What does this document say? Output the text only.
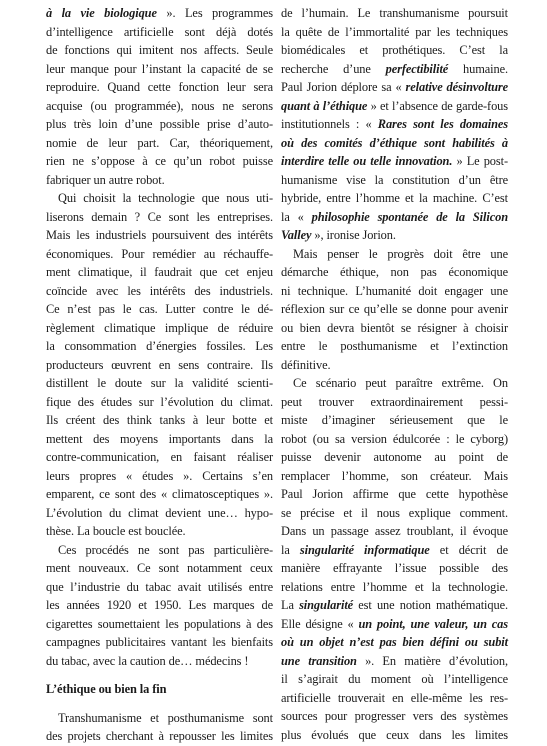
à la vie biologique ». Les programmes
d’intelligence artificielle sont déjà dotés
de fonctions qui imitent nos affects. Seule
leur manque pour l’instant la capacité de se
reproduire. Quand cette fonction leur sera
acquise (ou programmée), nous ne serons
plus très loin d’une possible prise d’auto-
nomie de leur part. Car, théoriquement,
rien ne s’oppose à ce qu’un robot puisse
fabriquer un autre robot.
Qui choisit la technologie que nous uti-
liserons demain ? Ce sont les entreprises.
Mais les industriels poursuivent des intérêts
économiques. Pour remédier au réchauffe-
ment climatique, il faudrait que cet enjeu
coïncide avec les intérêts des industriels.
Ce n’est pas le cas. Lutter contre le dé-
règlement climatique implique de réduire
la consommation d’énergies fossiles. Les
producteurs œuvrent en sens contraire. Ils
distillent le doute sur la validité scienti-
fique des études sur l’évolution du climat.
Ils créent des think tanks à leur botte et
mettent des moyens importants dans la
contre-communication, en faisant réaliser
leurs propres « études ». Certains s’en
emparent, ce sont des « climatosceptiques ».
L’évolution du climat devient une… hypo-
thèse. La boucle est bouclée.
Ces procédés ne sont pas particulière-
ment nouveaux. Ce sont notamment ceux
que l’industrie du tabac avait utilisés entre
les années 1920 et 1950. Les marques de
cigarettes soumettaient les populations à des
campagnes publicitaires vantant les bienfaits
du tabac, avec la caution de… médecins !
L’éthique ou bien la fin
Transhumanisme et posthumanisme sont
des projets cherchant à repousser les limites
de l’humain. Le transhumanisme poursuit
la quête de l’immortalité par les techniques
biomédicales et prothétiques. C’est la
recherche d’une perfectibilité humaine.
Paul Jorion déplore sa « relative désinvolture
quant à l’éthique » et l’absence de garde-fous
institutionnels : « Rares sont les domaines
où des comités d’éthique sont habilités à
interdire telle ou telle innovation. » Le post-
humanisme vise la constitution d’un être
hybride, entre l’homme et la machine. C’est
la « philosophie spontanée de la Silicon
Valley », ironise Jorion.
Mais penser le progrès doit être une
démarche éthique, non pas économique
ni technique. L’humanité doit engager une
réflexion sur ce qu’elle se donne pour avenir
ou bien devra bientôt se résigner à choisir
entre le posthumanisme et l’extinction
définitive.
Ce scénario peut paraître extrême. On
peut trouver extraordinairement pessi-
miste d’imaginer sérieusement que le
robot (ou sa version édulcorée : le cyborg)
puisse devenir autonome au point de
remplacer l’homme, son créateur. Mais
Paul Jorion affirme que cette hypothèse
se précise et il nous explique comment.
Dans un passage assez troublant, il évoque
la singularité informatique et décrit de
manière effrayante l’issue possible des
relations entre l’homme et la technologie.
La singularité est une notion mathématique.
Elle désigne « un point, une valeur, un cas
où un objet n’est pas bien défini ou subit
une transition ». En matière d’évolution,
il s’agirait du moment où l’intelligence
artificielle trouverait en elle-même les res-
sources pour progresser vers des systèmes
plus évolués que ceux dans les limites
